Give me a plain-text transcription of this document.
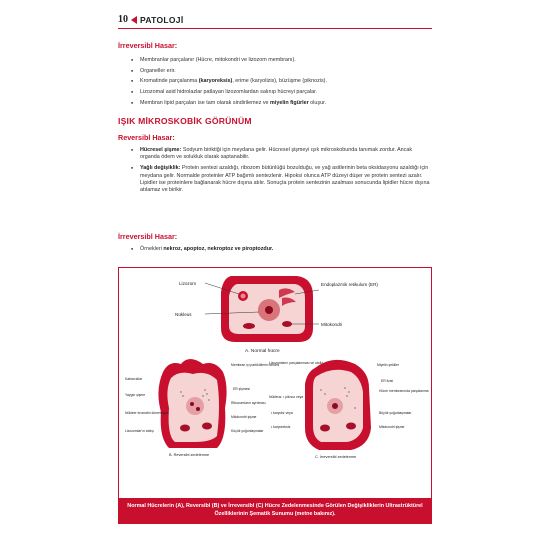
10 PATOLOJİ
İrreversibl Hasar:
■ Membranlar parçalanır (Hücre, mitokondri ve lizozom membranı).
■ Organeller erir.
■ Kromatinde parçalanma (karyoreksis), erime (karyolizis), büzüşme (piknozis).
■ Lizozomal asid hidrolazlar patlayan lizozomlardan salınıp hücreyi parçalar.
■ Membran lipid parçaları ise tam olarak sindirilemez ve miyelin figürler oluşur.
IŞIK MİKROSKOBİK GÖRÜNÜM
Reversibl Hasar:
■ Hücresel şişme: Sodyum birikti​ği için meydana gelir. Hücresel şişmeyi ışık mikroskobunda tanımak zordur. Ancak organda ödem ve solukluk olarak saptanabilir.
■ Yağlı değişiklik: Protein sentezi azaldığı, ribozom bütünlüğü bozulduğu, ve yağ asitlerinin beta oksidasyonu azaldığı için meydana gelir. Normalde proteinler ATP bağımlı sentezlenir. Hipoksi olunca ATP düzeyi düşer ve protein sentezi azalır. Lipidler ise proteinlere bağlanarak hücre dışına atılır. Sonuçta protein sentezinin azalması sonucunda lipidler hücre dışına atılamaz ve birikir.
İrreversibl Hasar:
■ Örnekleri nekroz, apoptoz, nekroptoz ve piroptozdur.
Lizozom	Endoplazmik retikulum (ER)
Nükleus
Mitokondri
A. Normal hücre
Kabarcıklar
Yaygın şişme
Nükleer kromatin kümeleşme
Lizozomlar'ın atılışı
Membran içi partiküllerin birikimi
ER şişmesi
Ribozomların ayrılması
Mitokondri şişme
Küçük yoğunlaşmalar
B. Reversibl zedelenme
Lizozomların parçalanması ve otoliz
Nükleus: • piknoz veya
• karyoliz veya
• karyoreksis
Miyelin şekiller
ER lizisi
Hücre membranında parçalanma
Büyük yoğunlaşmalar
Mitokondri şişme
C. İrreversibl zedelenme
Normal Hücrelerin (A), Reversibl (B) ve İrreversibl (C) Hücre Zedelenmesinde Görülen Değişikliklerin Ultrastrüktürel Özelliklerinin Şematik Sunumu (metne bakınız).
